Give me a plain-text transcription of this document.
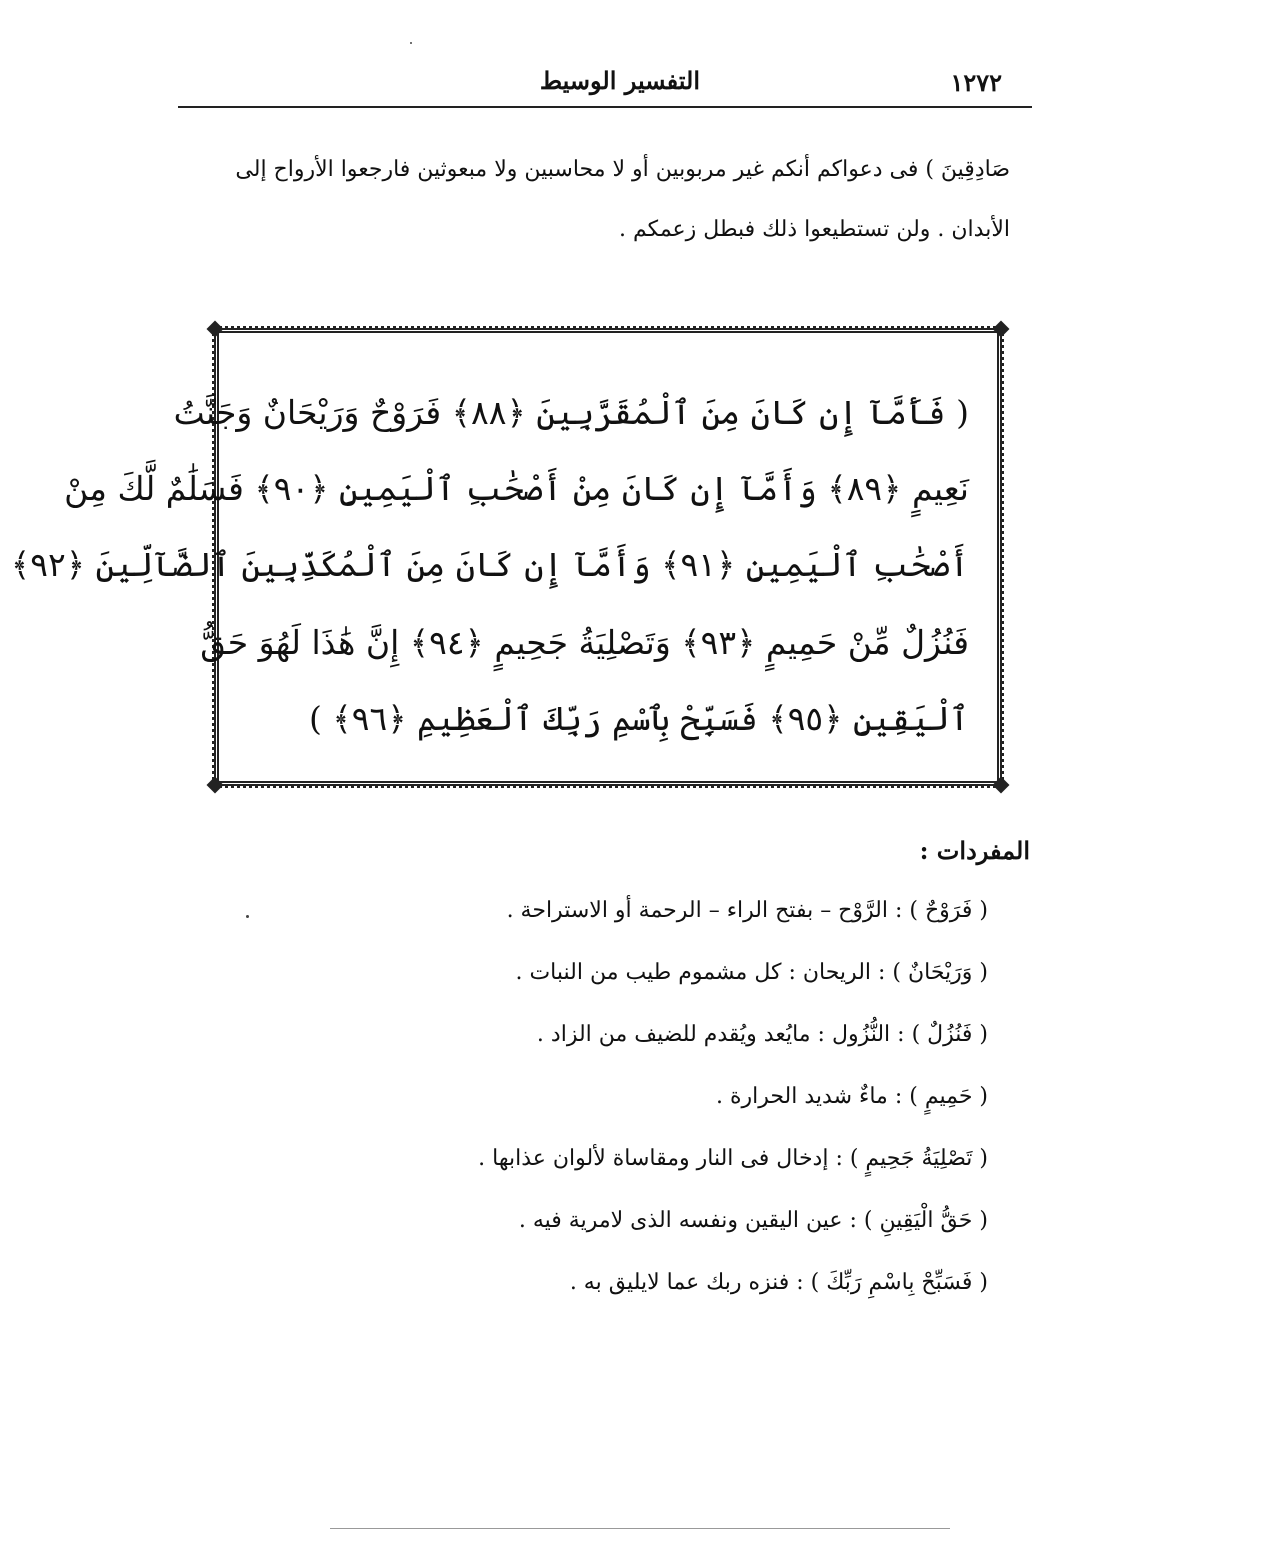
١٢٧٢
التفسير الوسيط

صَادِقِينَ ) فى دعواكم أنكم غير مربوبين أو لا محاسبين ولا مبعوثين فارجعوا الأرواح إلى الأبدان . ولن تستطيعوا ذلك فبطل زعمكم .

( فَأَمَّآ إِن كَانَ مِنَ ٱلْمُقَرَّبِينَ ﴿٨٨﴾ فَرَوْحٌ وَرَيْحَانٌ وَجَنَّتُ
نَعِيمٍ ﴿٨٩﴾ وَأَمَّآ إِن كَانَ مِنْ أَصْحَٰبِ ٱلْيَمِينِ ﴿٩٠﴾ فَسَلَٰمٌ لَّكَ مِنْ
أَصْحَٰبِ ٱلْيَمِينِ ﴿٩١﴾ وَأَمَّآ إِن كَانَ مِنَ ٱلْمُكَذِّبِينَ ٱلضَّآلِّينَ ﴿٩٢﴾
فَنُزُلٌ مِّنْ حَمِيمٍ ﴿٩٣﴾ وَتَصْلِيَةُ جَحِيمٍ ﴿٩٤﴾ إِنَّ هَٰذَا لَهُوَ حَقُّ
ٱلْيَقِينِ ﴿٩٥﴾ فَسَبِّحْ بِٱسْمِ رَبِّكَ ٱلْعَظِيمِ ﴿٩٦﴾ )
المفردات :
( فَرَوْحٌ ) : الرَّوْح – بفتح الراء – الرحمة أو الاستراحة .
( وَرَيْحَانٌ ) : الريحان : كل مشموم طيب من النبات .
( فَنُزُلٌ ) : النُّزُول : مايُعد ويُقدم للضيف من الزاد .
( حَمِيمٍ ) : ماءٌ شديد الحرارة .
( تَصْلِيَةُ جَحِيمٍ ) : إدخال فى النار ومقاساة لألوان عذابها .
( حَقُّ الْيَقِينِ ) : عين اليقين ونفسه الذى لامرية فيه .
( فَسَبِّحْ بِاسْمِ رَبِّكَ ) : فنزه ربك عما لايليق به .
